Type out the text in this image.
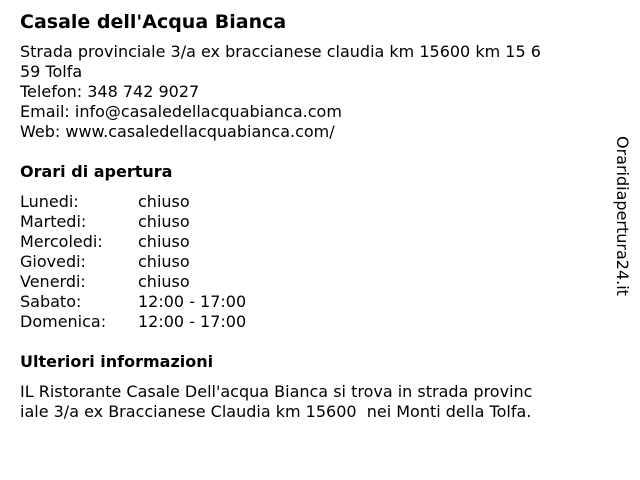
Casale dell'Acqua Bianca
Strada provinciale 3/a ex braccianese claudia km 15600 km 15 6
59 Tolfa
Telefon: 348 742 9027
Email: info@casaledellacquabianca.com
Web: www.casaledellacquabianca.com/
Orari di apertura
Lunedi:	chiuso
Martedi:	chiuso
Mercoledi:	chiuso
Giovedi:	chiuso
Venerdi:	chiuso
Sabato:	12:00 - 17:00
Domenica:	12:00 - 17:00
Ulteriori informazioni
IL Ristorante Casale Dell'acqua Bianca si trova in strada provinc
iale 3/a ex Braccianese Claudia km 15600  nei Monti della Tolfa.
Oraridiapertura24.it
